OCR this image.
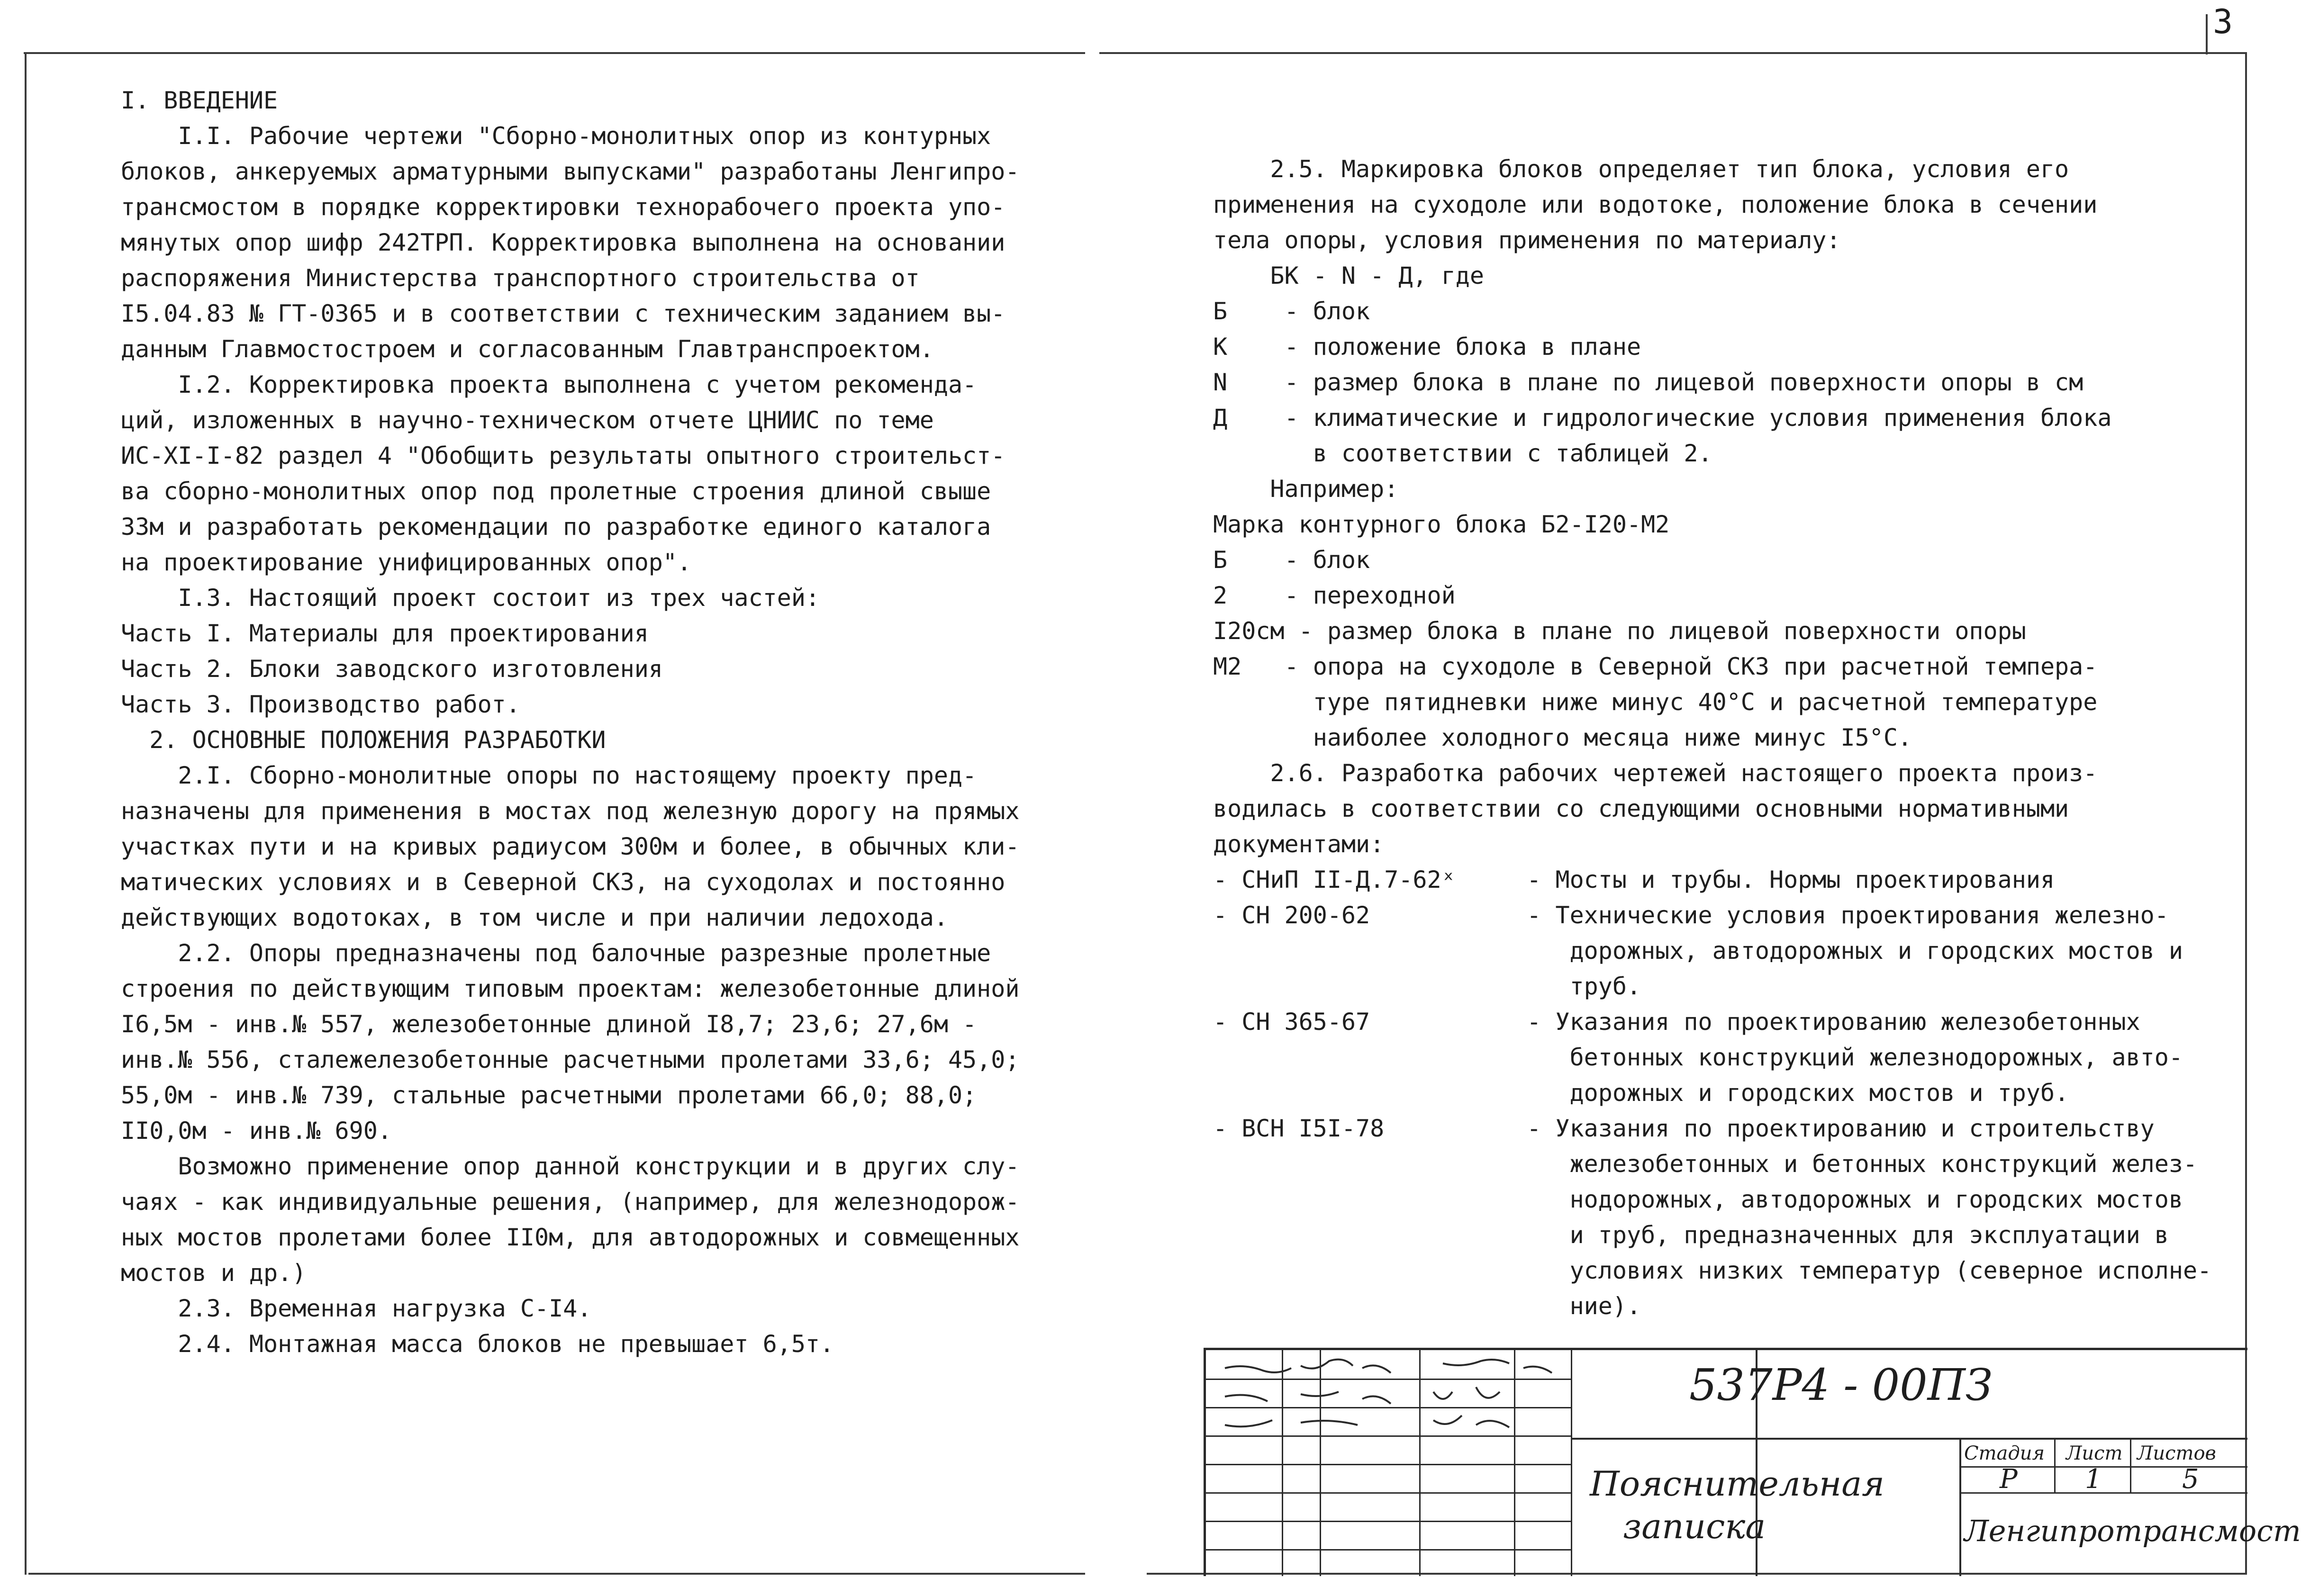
3
I. ВВЕДЕНИЕ
I.I. Рабочие чертежи "Сборно-монолитных опор из контурных
блоков, анкеруемых арматурными выпусками" разработаны Ленгипро-
трансмостом в порядке корректировки технорабочего проекта упо-
мянутых опор шифр 242ТРП. Корректировка выполнена на основании
распоряжения Министерства транспортного строительства от
I5.04.83 № ГТ-0365 и в соответствии с техническим заданием вы-
данным Главмостостроем и согласованным Главтранспроектом.
I.2. Корректировка проекта выполнена с учетом рекоменда-
ций, изложенных в научно-техническом отчете ЦНИИС по теме
ИС-XI-I-82 раздел 4 "Обобщить результаты опытного строительст-
ва сборно-монолитных опор под пролетные строения длиной свыше
33м и разработать рекомендации по разработке единого каталога
на проектирование унифицированных опор".
I.3. Настоящий проект состоит из трех частей:
Часть I. Материалы для проектирования
Часть 2. Блоки заводского изготовления
Часть 3. Производство работ.
2. ОСНОВНЫЕ ПОЛОЖЕНИЯ РАЗРАБОТКИ
2.I. Сборно-монолитные опоры по настоящему проекту пред-
назначены для применения в мостах под железную дорогу на прямых
участках пути и на кривых радиусом 300м и более, в обычных кли-
матических условиях и в Северной СКЗ, на суходолах и постоянно
действующих водотоках, в том числе и при наличии ледохода.
2.2. Опоры предназначены под балочные разрезные пролетные
строения по действующим типовым проектам: железобетонные длиной
I6,5м - инв.№ 557, железобетонные длиной I8,7; 23,6; 27,6м -
инв.№ 556, сталежелезобетонные расчетными пролетами 33,6; 45,0;
55,0м - инв.№ 739, стальные расчетными пролетами 66,0; 88,0;
II0,0м - инв.№ 690.
Возможно применение опор данной конструкции и в других слу-
чаях - как индивидуальные решения, (например, для железнодорож-
ных мостов пролетами более II0м, для автодорожных и совмещенных
мостов и др.)
2.3. Временная нагрузка С-I4.
2.4. Монтажная масса блоков не превышает 6,5т.
2.5. Маркировка блоков определяет тип блока, условия его
применения на суходоле или водотоке, положение блока в сечении
тела опоры, условия применения по материалу:
БК - N - Д, где
Б    - блок
К    - положение блока в плане
N    - размер блока в плане по лицевой поверхности опоры в см
Д    - климатические и гидрологические условия применения блока
в соответствии с таблицей 2.
Например:
Марка контурного блока Б2-I20-М2
Б    - блок
2    - переходной
I20см - размер блока в плане по лицевой поверхности опоры
М2   - опора на суходоле в Северной СКЗ при расчетной темпера-
туре пятидневки ниже минус 40°С и расчетной температуре
наиболее холодного месяца ниже минус I5°С.
2.6. Разработка рабочих чертежей настоящего проекта произ-
водилась в соответствии со следующими основными нормативными
документами:
- СНиП II-Д.7-62ˣ     - Мосты и трубы. Нормы проектирования
- СН 200-62           - Технические условия проектирования железно-
дорожных, автодорожных и городских мостов и
труб.
- СН 365-67           - Указания по проектированию железобетонных
бетонных конструкций железнодорожных, авто-
дорожных и городских мостов и труб.
- ВСН I5I-78          - Указания по проектированию и строительству
железобетонных и бетонных конструкций желез-
нодорожных, автодорожных и городских мостов
и труб, предназначенных для эксплуатации в
условиях низких температур (северное исполне-
ние).
537Р4 - 00ПЗ
Пояснительная
записка
Стадия Лист Листов
Р	1	5
Ленгипротрансмост
